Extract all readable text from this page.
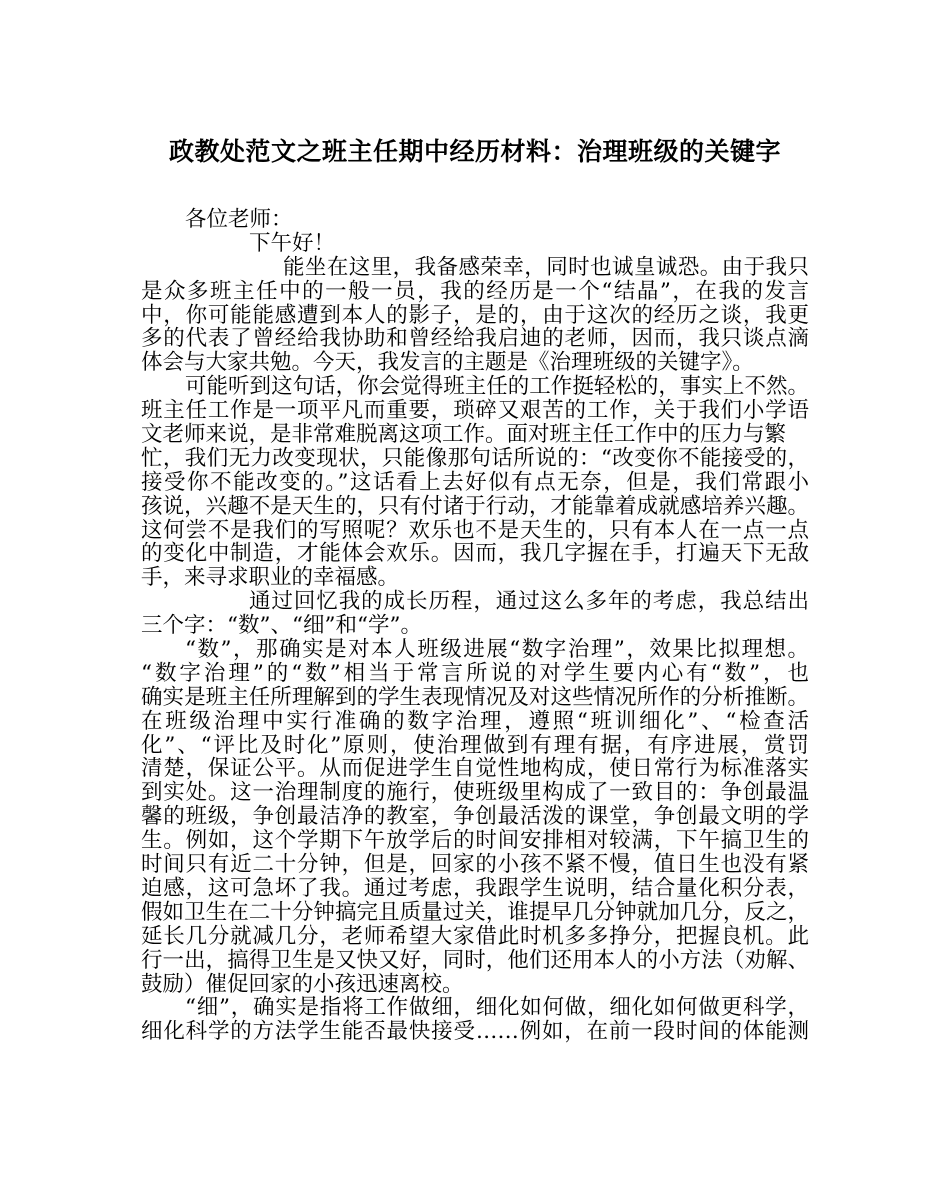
政教处范文之班主任期中经历材料：治理班级的关键字
各位老师：
下午好！
能坐在这里，我备感荣幸，同时也诚皇诚恐。由于我只
是众多班主任中的一般一员，我的经历是一个“结晶”，在我的发言
中，你可能能感遭到本人的影子，是的，由于这次的经历之谈，我更
多的代表了曾经给我协助和曾经给我启迪的老师，因而，我只谈点滴
体会与大家共勉。今天，我发言的主题是《治理班级的关键字》。
可能听到这句话，你会觉得班主任的工作挺轻松的，事实上不然。
班主任工作是一项平凡而重要，琐碎又艰苦的工作，关于我们小学语
文老师来说，是非常难脱离这项工作。面对班主任工作中的压力与繁
忙，我们无力改变现状，只能像那句话所说的：“改变你不能接受的，
接受你不能改变的。”这话看上去好似有点无奈，但是，我们常跟小
孩说，兴趣不是天生的，只有付诸于行动，才能靠着成就感培养兴趣。
这何尝不是我们的写照呢？欢乐也不是天生的，只有本人在一点一点
的变化中制造，才能体会欢乐。因而，我几字握在手，打遍天下无敌
手，来寻求职业的幸福感。
通过回忆我的成长历程，通过这么多年的考虑，我总结出
三个字：“数”、“细”和“学”。
“数”，那确实是对本人班级进展“数字治理”，效果比拟理想。
“数字治理”的“数”相当于常言所说的对学生要内心有“数”，也
确实是班主任所理解到的学生表现情况及对这些情况所作的分析推断。
在班级治理中实行准确的数字治理，遵照“班训细化”、“检查活
化”、“评比及时化”原则，使治理做到有理有据，有序进展，赏罚
清楚，保证公平。从而促进学生自觉性地构成，使日常行为标准落实
到实处。这一治理制度的施行，使班级里构成了一致目的：争创最温
馨的班级，争创最洁净的教室，争创最活泼的课堂，争创最文明的学
生。例如，这个学期下午放学后的时间安排相对较满，下午搞卫生的
时间只有近二十分钟，但是，回家的小孩不紧不慢，值日生也没有紧
迫感，这可急坏了我。通过考虑，我跟学生说明，结合量化积分表，
假如卫生在二十分钟搞完且质量过关，谁提早几分钟就加几分，反之，
延长几分就减几分，老师希望大家借此时机多多挣分，把握良机。此
行一出，搞得卫生是又快又好，同时，他们还用本人的小方法（劝解、
鼓励）催促回家的小孩迅速离校。
“细”，确实是指将工作做细，细化如何做，细化如何做更科学，
细化科学的方法学生能否最快接受……例如，在前一段时间的体能测
